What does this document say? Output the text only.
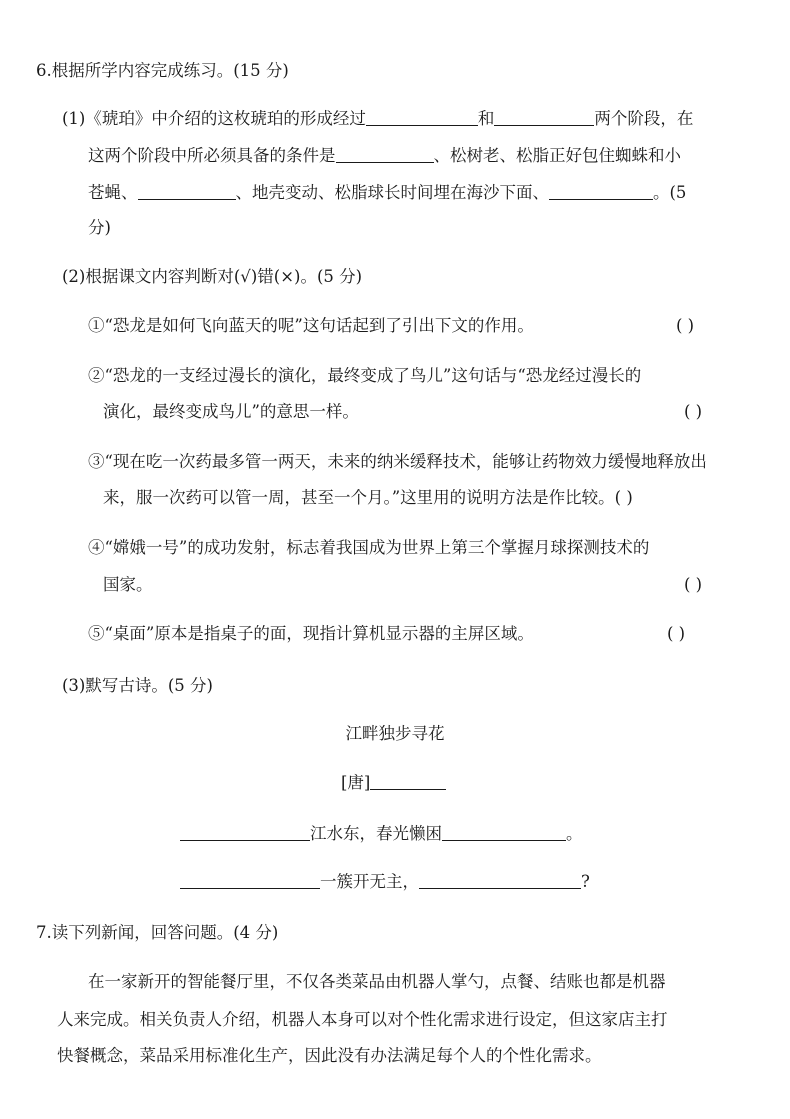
6.根据所学内容完成练习。(15 分)
(1)《琥珀》中介绍的这枚琥珀的形成经过	和	两个阶段，在
这两个阶段中所必须具备的条件是	、松树老、松脂正好包住蜘蛛和小
苍蝇、	、地壳变动、松脂球长时间埋在海沙下面、	。(5
分)
(2)根据课文内容判断对(√)错(×)。(5 分)
①“恐龙是如何飞向蓝天的呢”这句话起到了引出下文的作用。	( )
②“恐龙的一支经过漫长的演化，最终变成了鸟儿”这句话与“恐龙经过漫长的
演化，最终变成鸟儿”的意思一样。	( )
③“现在吃一次药最多管一两天，未来的纳米缓释技术，能够让药物效力缓慢地释放出
来，服一次药可以管一周，甚至一个月。”这里用的说明方法是作比较。( )
④“嫦娥一号”的成功发射，标志着我国成为世界上第三个掌握月球探测技术的
国家。	( )
⑤“桌面”原本是指桌子的面，现指计算机显示器的主屏区域。	( )
(3)默写古诗。(5 分)
江畔独步寻花
[唐]
江水东，春光懒困	。
一簇开无主，	?
7.读下列新闻，回答问题。(4 分)
在一家新开的智能餐厅里，不仅各类菜品由机器人掌勺，点餐、结账也都是机器
人来完成。相关负责人介绍，机器人本身可以对个性化需求进行设定，但这家店主打
快餐概念，菜品采用标准化生产，因此没有办法满足每个人的个性化需求。
